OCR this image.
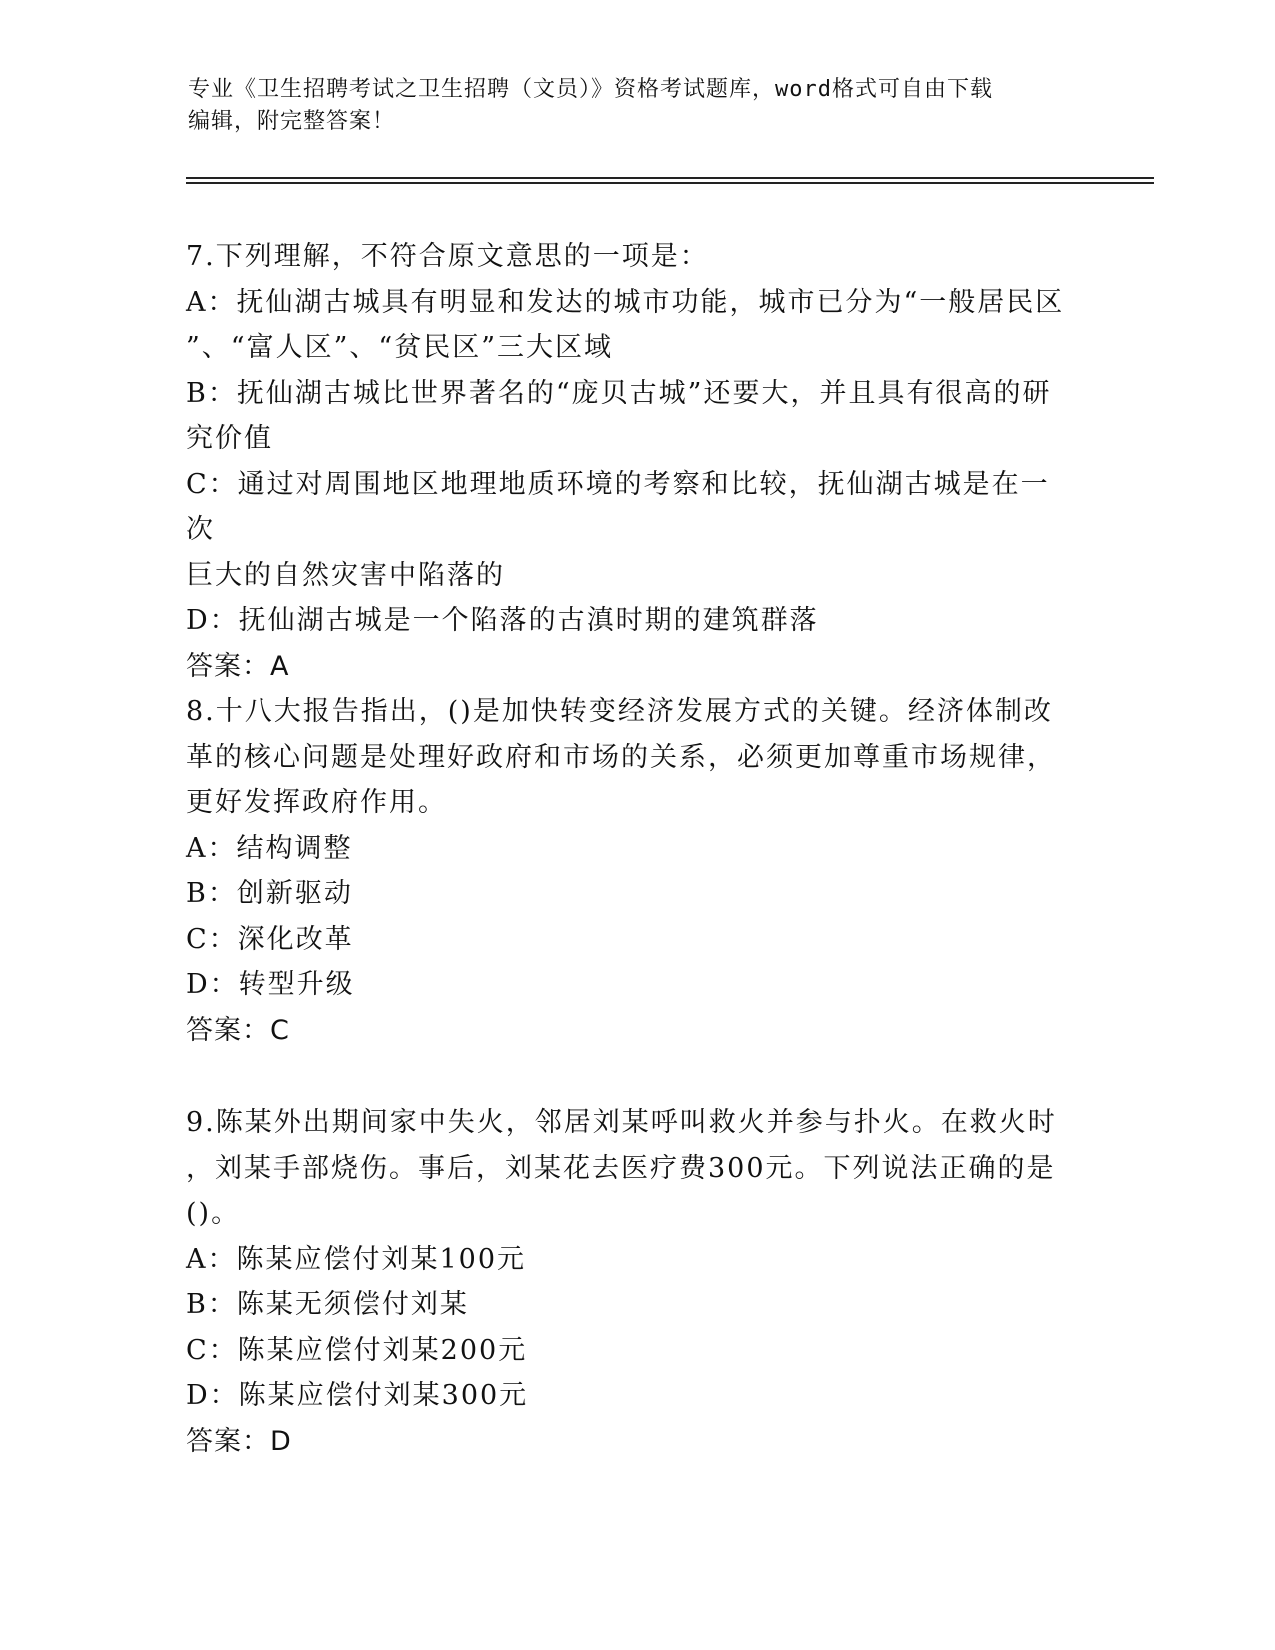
专业《卫生招聘考试之卫生招聘（文员）》资格考试题库，word格式可自由下载
编辑，附完整答案！

7.下列理解，不符合原文意思的一项是：

A：抚仙湖古城具有明显和发达的城市功能，城市已分为“一般居民区

”、“富人区”、“贫民区”三大区域

B：抚仙湖古城比世界著名的“庞贝古城”还要大，并且具有很高的研

究价值

C：通过对周围地区地理地质环境的考察和比较，抚仙湖古城是在一次

巨大的自然灾害中陷落的

D：抚仙湖古城是一个陷落的古滇时期的建筑群落

答案：A

8.十八大报告指出，()是加快转变经济发展方式的关键。经济体制改

革的核心问题是处理好政府和市场的关系，必须更加尊重市场规律，

更好发挥政府作用。

A：结构调整

B：创新驱动

C：深化改革

D：转型升级

答案：C

9.陈某外出期间家中失火，邻居刘某呼叫救火并参与扑火。在救火时

，刘某手部烧伤。事后，刘某花去医疗费300元。下列说法正确的是

()。

A：陈某应偿付刘某100元

B：陈某无须偿付刘某

C：陈某应偿付刘某200元

D：陈某应偿付刘某300元

答案：D
